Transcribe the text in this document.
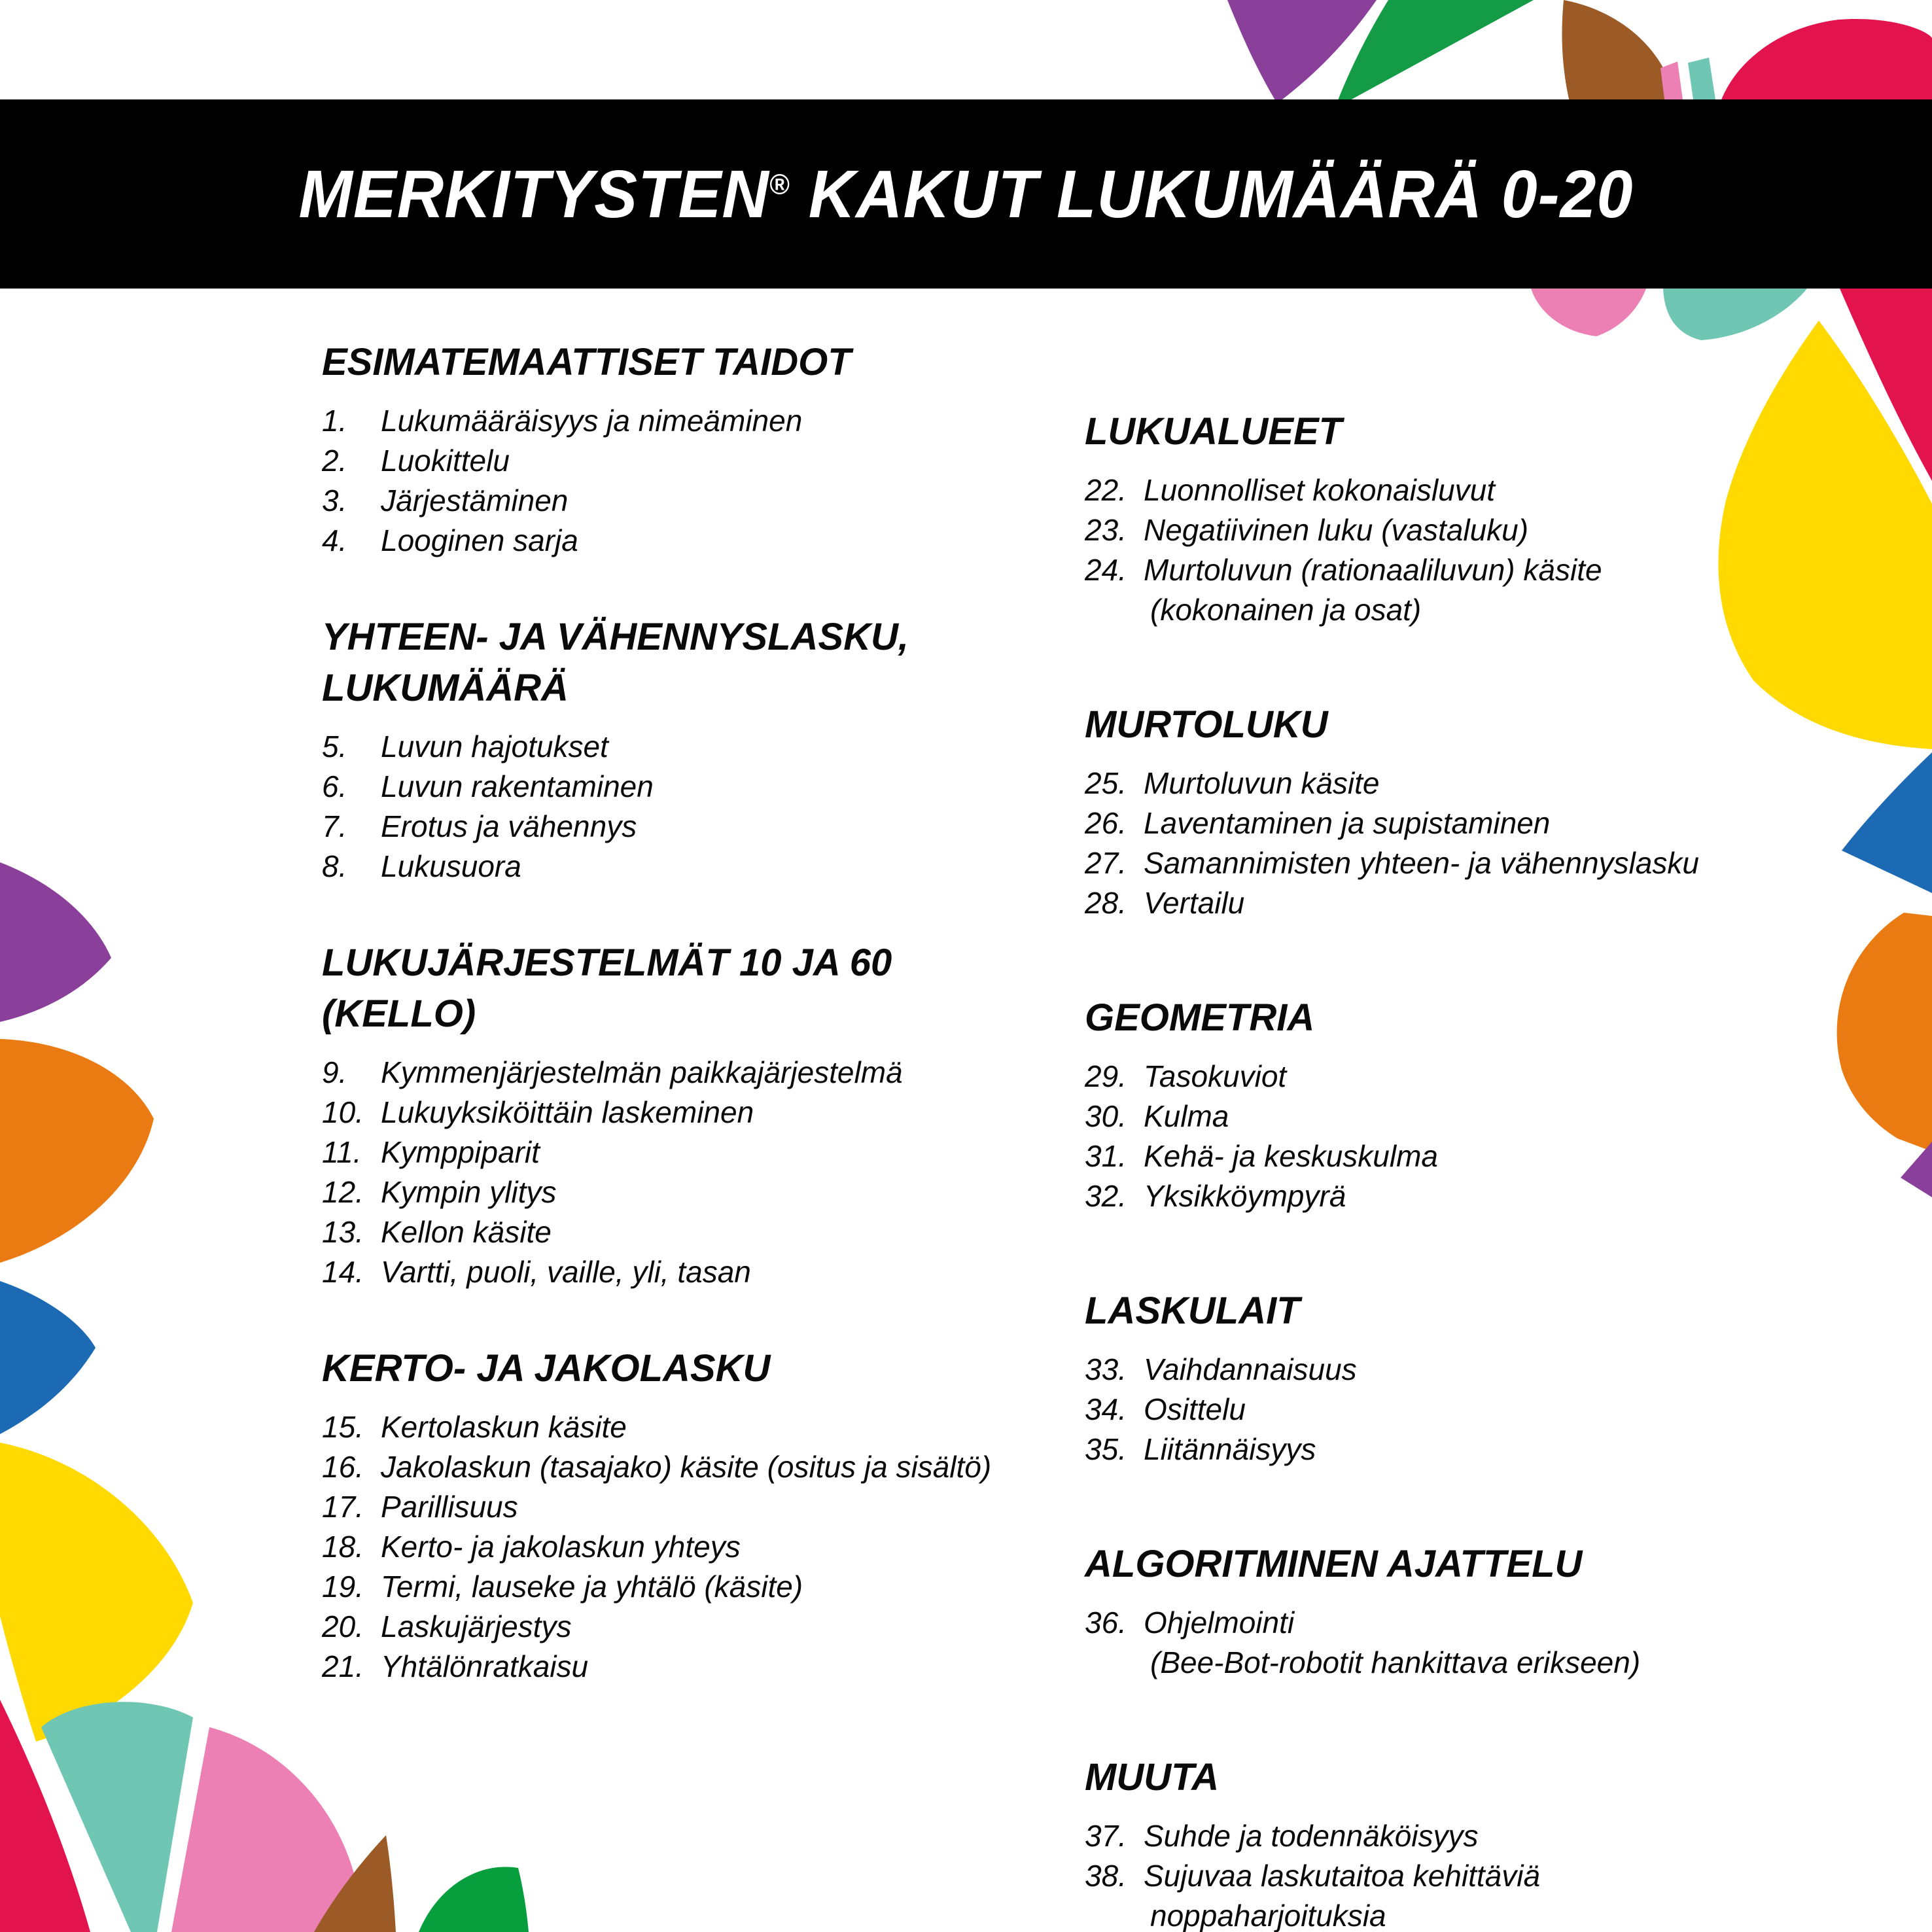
MERKITYSTEN® KAKUT LUKUMÄÄRÄ 0-20
ESIMATEMAATTISET TAIDOT
1.	Lukumääräisyys ja nimeäminen
2.	Luokittelu
3.	Järjestäminen
4.	Looginen sarja
YHTEEN- JA VÄHENNYSLASKU,
LUKUMÄÄRÄ
5.	Luvun hajotukset
6.	Luvun rakentaminen
7.	Erotus ja vähennys
8.	Lukusuora
LUKUJÄRJESTELMÄT 10 JA 60
(KELLO)
9.	Kymmenjärjestelmän paikkajärjestelmä
10. Lukuyksiköittäin laskeminen
11. Kymppiparit
12. Kympin ylitys
13. Kellon käsite
14. Vartti, puoli, vaille, yli, tasan
KERTO- JA JAKOLASKU
15. Kertolaskun käsite
16. Jakolaskun (tasajako) käsite (ositus ja sisältö)
17. Parillisuus
18. Kerto- ja jakolaskun yhteys
19. Termi, lauseke ja yhtälö (käsite)
20. Laskujärjestys
21. Yhtälönratkaisu
LUKUALUEET
22. Luonnolliset kokonaisluvut
23. Negatiivinen luku (vastaluku)
24. Murtoluvun (rationaaliluvun) käsite
(kokonainen ja osat)
MURTOLUKU
25. Murtoluvun käsite
26. Laventaminen ja supistaminen
27. Samannimisten yhteen- ja vähennyslasku
28. Vertailu
GEOMETRIA
29. Tasokuviot
30. Kulma
31. Kehä- ja keskuskulma
32. Yksikköympyrä
LASKULAIT
33. Vaihdannaisuus
34. Osittelu
35. Liitännäisyys
ALGORITMINEN AJATTELU
36. Ohjelmointi
(Bee-Bot-robotit hankittava erikseen)
MUUTA
37. Suhde ja todennäköisyys
38. Sujuvaa laskutaitoa kehittäviä
noppaharjoituksia
